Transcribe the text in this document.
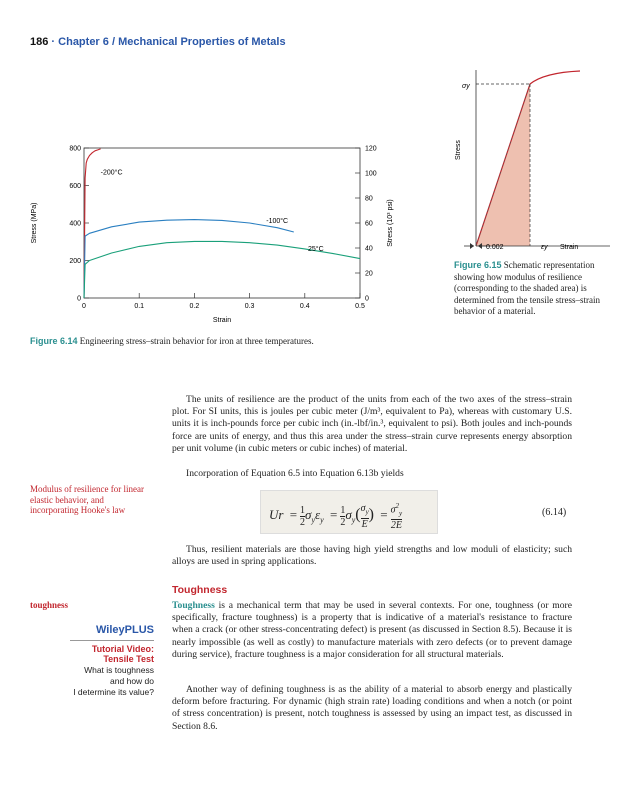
186 · Chapter 6 / Mechanical Properties of Metals
0	0.1	0.2	0.3	0.4	0.5
0
200
400
600
800
0
20
40
60
80
100
120
-200°C
-100°C
25°C
Strain
Stress (MPa)	Stress (10³ psi)
Figure 6.14 Engineering stress–strain behavior for iron at three temperatures.
0.002	εy Strain
σy
Stress
Figure 6.15 Schematic representation showing how modulus of resilience (corresponding to the shaded area) is determined from the tensile stress–strain behavior of a material.
The units of resilience are the product of the units from each of the two axes of the stress–strain plot. For SI units, this is joules per cubic meter (J/m³, equivalent to Pa), whereas with customary U.S. units it is inch-pounds force per cubic inch (in.-lbf/in.³, equivalent to psi). Both joules and inch-pounds force are units of energy, and thus this area under the stress–strain curve represents energy absorption per unit volume (in cubic meters or cubic inches) of material.
Incorporation of Equation 6.5 into Equation 6.13b yields
Modulus of resilience for linear elastic behavior, and incorporating Hooke's law	$Ur = \frac{1}{2} \sigma_y\varepsilon_y = \frac{1}{2} \sigma_y( \frac{\sigma_y}{E}$ ) = $\frac{\sigma^2_y}{2E}$	(6.14)
Thus, resilient materials are those having high yield strengths and low moduli of elasticity; such alloys are used in spring applications.
Toughness
toughness	Toughness is a mechanical term that may be used in several contexts. For one, toughness (or more specifically, fracture toughness) is a property that is indicative of a material's resistance to fracture when a crack (or other stress-concentrating defect) is present (as discussed in Section 8.5). Because it is nearly impossible (as well as costly) to manufacture materials with zero defects (or to prevent damage during service), fracture toughness is a major consideration for all structural materials.
Another way of defining toughness is as the ability of a material to absorb energy and plastically deform before fracturing. For dynamic (high strain rate) loading conditions and when a notch (or point of stress concentration) is present, notch toughness is assessed by using an impact test, as discussed in Section 8.6.
WileyPLUS
Tutorial Video:
Tensile Test
What is toughness
and how do
I determine its value?
